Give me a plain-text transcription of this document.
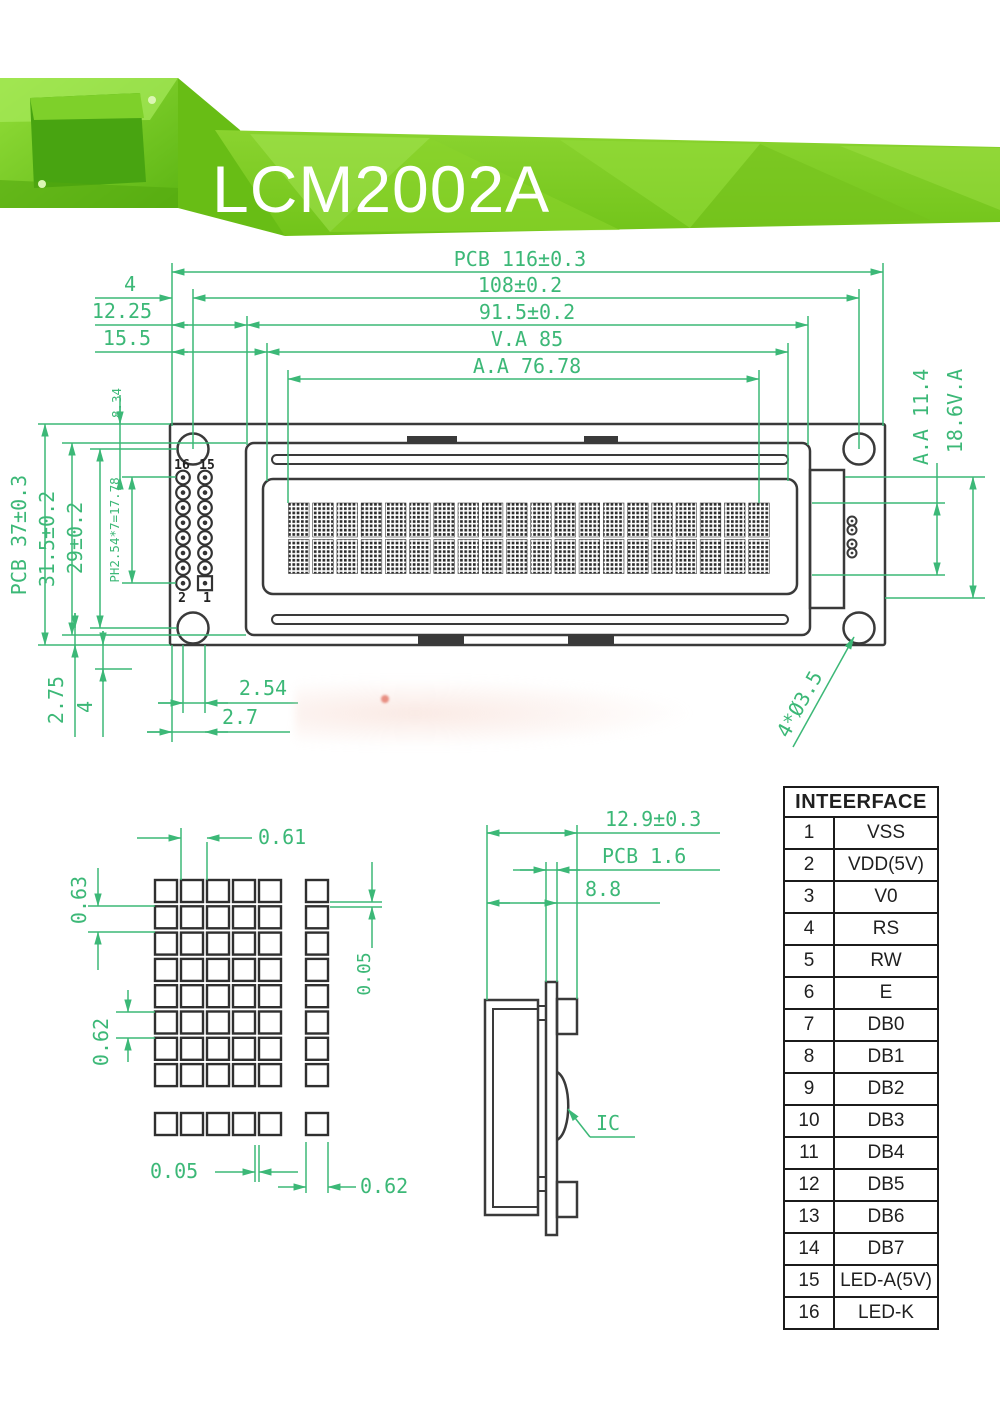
LCM2002A
16 15
2 1
PCB 116±0.3
108±0.2
91.5±0.2
V.A 85
A.A 76.78
4
12.25
15.5
PCB 37±0.3 31.5±0.2 29±0.2 PH2.54*7=17.78
8.34
2.75 4
2.54
2.7
A.A 11.4 18.6V.A
4*Ø3.5
0.61
0.63
0.62
0.05
0.05
0.62
12.9±0.3
PCB 1.6
8.8
IC
INTEERFACE
1	VSS
2	VDD(5V)
3	V0
4	RS
5	RW
6	E
7	DB0
8	DB1
9	DB2
10	DB3
11	DB4
12	DB5
13	DB6
14	DB7
15	LED-A(5V)
16	LED-K
